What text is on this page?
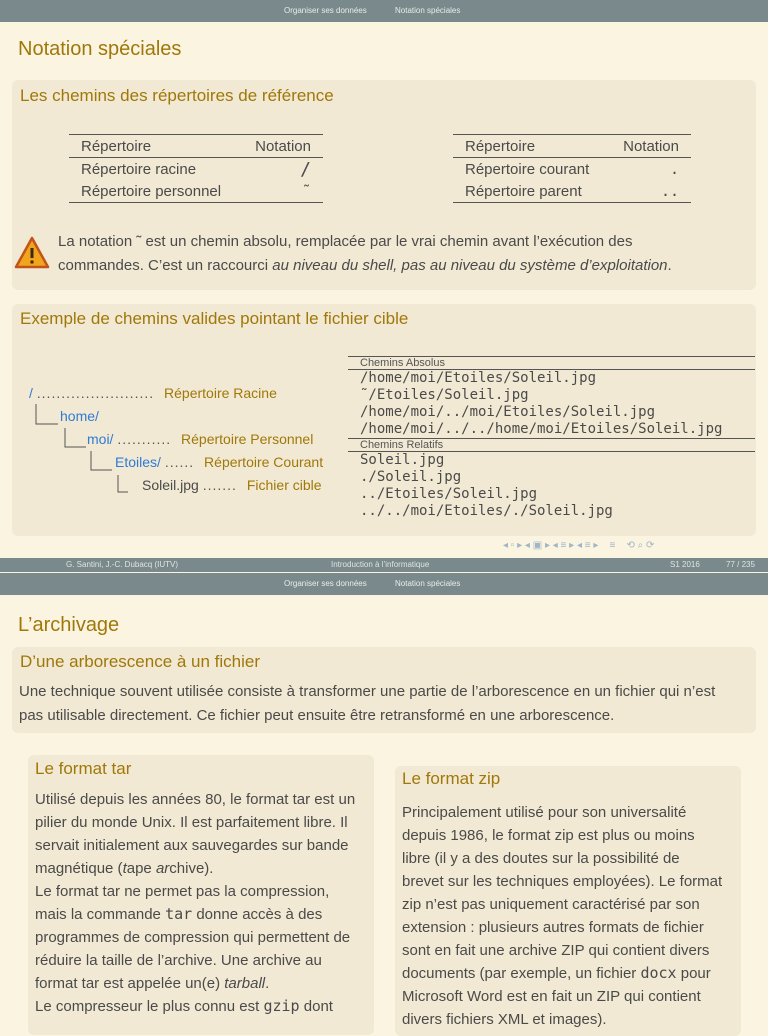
Organiser ses données	Notation spéciales
Notation spéciales
Les chemins des répertoires de référence
Répertoire	Notation
Répertoire racine	/
Répertoire personnel	˜
Répertoire	Notation
Répertoire courant	.
Répertoire parent	..
La notation ˜ est un chemin absolu, remplacée par le vrai chemin avant l’exécution des
commandes. C’est un raccourci au niveau du shell, pas au niveau du système d’exploitation.
Exemple de chemins valides pointant le fichier cible
/ ........................ Répertoire Racine
home/
moi/ ........... Répertoire Personnel
Etoiles/ ...... Répertoire Courant
Soleil.jpg ....... Fichier cible
Chemins Absolus
/home/moi/Etoiles/Soleil.jpg
˜/Etoiles/Soleil.jpg
/home/moi/../moi/Etoiles/Soleil.jpg
/home/moi/../../home/moi/Etoiles/Soleil.jpg
Chemins Relatifs
Soleil.jpg
./Soleil.jpg
../Etoiles/Soleil.jpg
../../moi/Etoiles/./Soleil.jpg
◂ ▫ ▸ ◂ ▣ ▸ ◂ ≡ ▸ ◂ ≡ ▸    ≡    ⟲ ⌕ ⟳
G. Santini, J.-C. Dubacq (IUTV)	Introduction à l’informatique	S1 2016	77 / 235
Organiser ses données	Notation spéciales
L’archivage
D’une arborescence à un fichier
Une technique souvent utilisée consiste à transformer une partie de l’arborescence en un fichier qui n’est
pas utilisable directement. Ce fichier peut ensuite être retransformé en une arborescence.
Le format tar
Utilisé depuis les années 80, le format tar est un
pilier du monde Unix. Il est parfaitement libre. Il
servait initialement aux sauvegardes sur bande
magnétique (tape archive).
Le format tar ne permet pas la compression,
mais la commande tar donne accès à des
programmes de compression qui permettent de
réduire la taille de l’archive. Une archive au
format tar est appelée un(e) tarball.
Le compresseur le plus connu est gzip dont
Le format zip
Principalement utilisé pour son universalité
depuis 1986, le format zip est plus ou moins
libre (il y a des doutes sur la possibilité de
brevet sur les techniques employées). Le format
zip n’est pas uniquement caractérisé par son
extension : plusieurs autres formats de fichier
sont en fait une archive ZIP qui contient divers
documents (par exemple, un fichier docx pour
Microsoft Word est en fait un ZIP qui contient
divers fichiers XML et images).
